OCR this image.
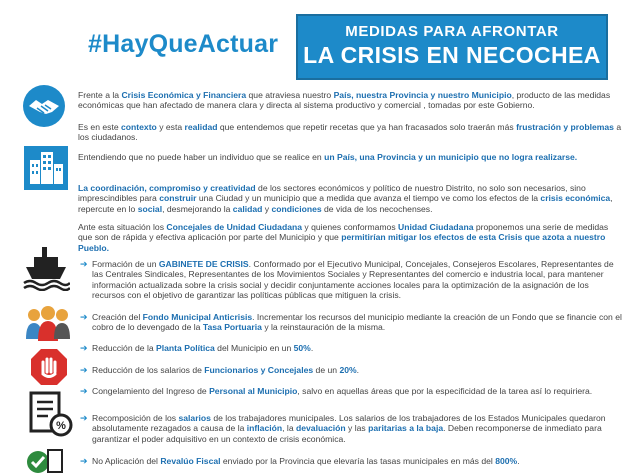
#HayQueActuar	MEDIDAS PARA AFRONTAR
LA CRISIS EN NECOCHEA
%
Frente a la Crisis Económica y Financiera que atraviesa nuestro País, nuestra Provincia y nuestro Municipio, producto de las medidas económicas que han afectado de manera clara y directa al sistema productivo y comercial , tomadas por este Gobierno.
Es en este contexto y esta realidad que entendemos que repetir recetas que ya han fracasados solo traerán más frustración y problemas a los ciudadanos.
Entendiendo que no puede haber un individuo que se realice en un País, una Provincia y un municipio que no logra realizarse.
La coordinación, compromiso y creatividad de los sectores económicos y político de nuestro Distrito, no solo son necesarios, sino imprescindibles para construir una Ciudad y un municipio que a medida que avanza el tiempo ve como los efectos de la crisis económica, repercute en lo social, desmejorando la calidad y condiciones de vida de los necochenses.
Ante esta situación los Concejales de Unidad Ciudadana y quienes conformamos Unidad Ciudadana proponemos una serie de medidas que son de rápida y efectiva aplicación por parte del Municipio y que permitirían mitigar los efectos de esta Crisis que azota a nuestro Pueblo.
➔ Formación de un GABINETE DE CRISIS. Conformado por el Ejecutivo Municipal, Concejales, Consejeros Escolares, Representantes de las Centrales Sindicales, Representantes de los Movimientos Sociales y Representantes del comercio e industria local, para mantener información actualizada sobre la crisis social y decidir conjuntamente acciones locales para la optimización de la asignación de los recursos con el objetivo de garantizar las políticas públicas que mitiguen la crisis.
➔ Creación del Fondo Municipal Anticrisis. Incrementar los recursos del municipio mediante la creación de un Fondo que se financie con el cobro de lo devengado de la Tasa Portuaria y la reinstauración de la misma.
➔ Reducción de la Planta Política del Municipio en un 50%.
➔ Reducción de los salarios de Funcionarios y Concejales de un 20%.
➔ Congelamiento del Ingreso de Personal al Municipio, salvo en aquellas áreas que por la especificidad de la tarea así lo requiriera.
➔ Recomposición de los salarios de los trabajadores municipales. Los salarios de los trabajadores de los Estados Municipales quedaron absolutamente rezagados a causa de la inflación, la devaluación y las paritarias a la baja. Deben recomponerse de inmediato para garantizar el poder adquisitivo en un contexto de crisis económica.
➔ No Aplicación del Revalúo Fiscal enviado por la Provincia que elevaría las tasas municipales en más del 800%.
